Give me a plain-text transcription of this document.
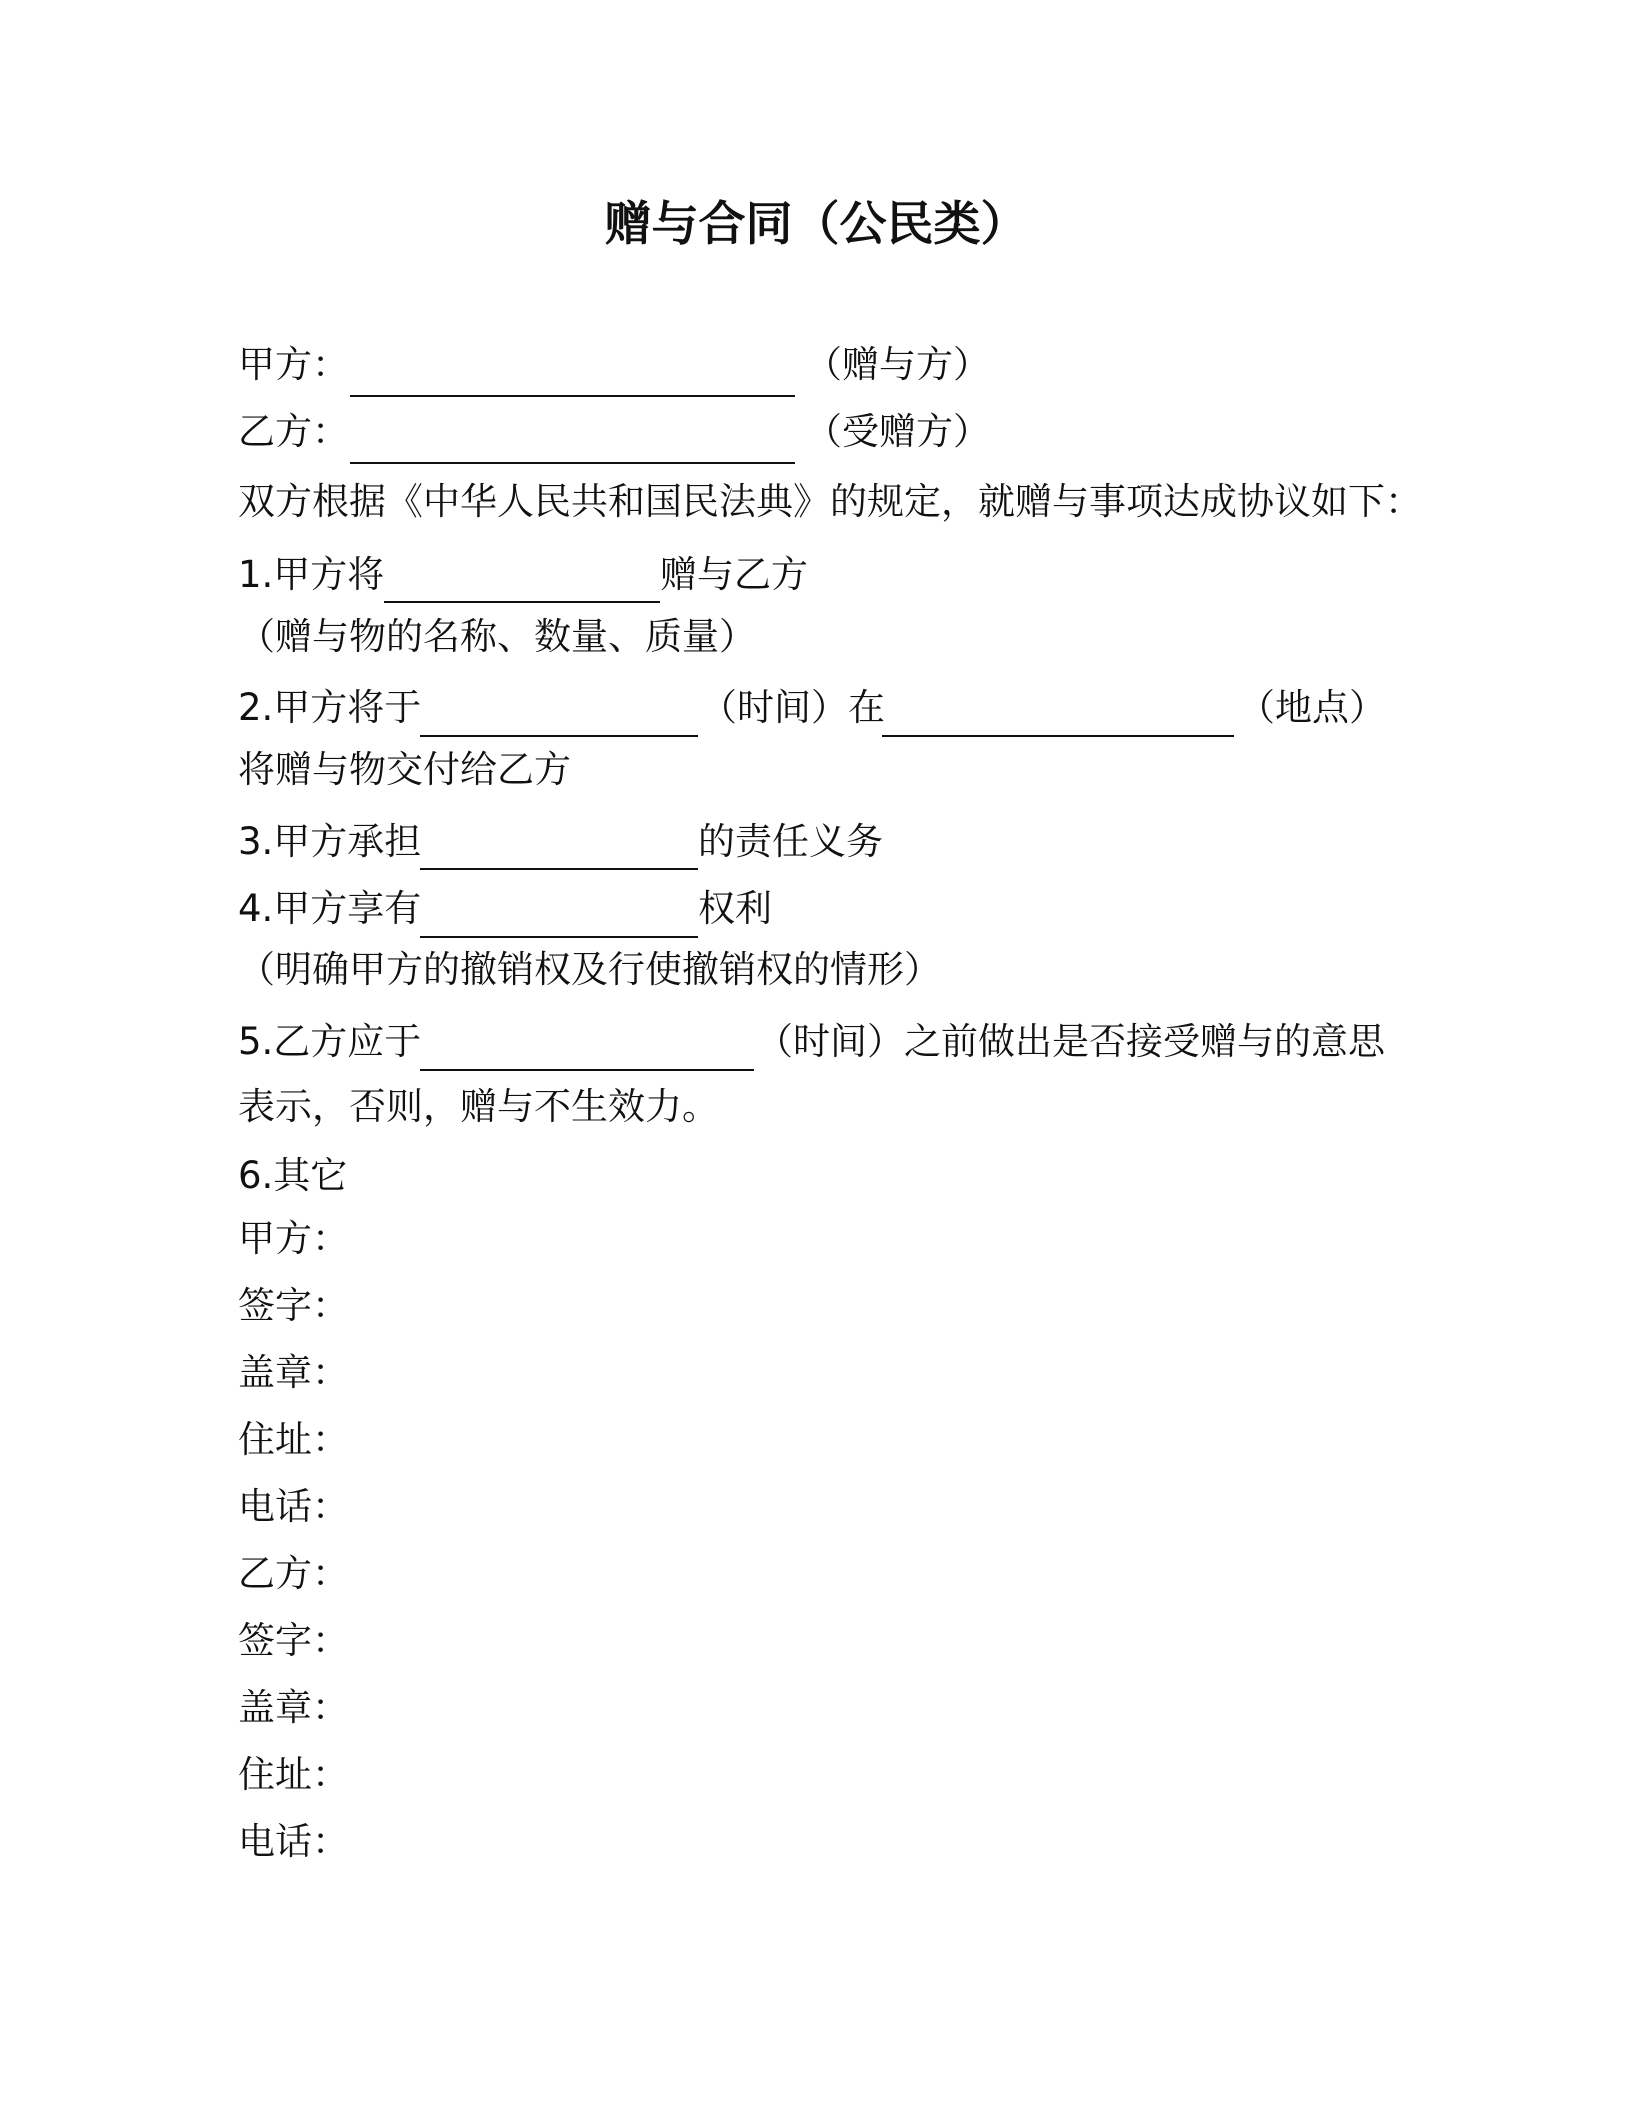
赠与合同（公民类）
甲方：	（赠与方）
乙方：	（受赠方）
双方根据《中华人民共和国民法典》的规定，就赠与事项达成协议如下：
1.甲方将	赠与乙方
（赠与物的名称、数量、质量）
2.甲方将于	（时间）在	（地点）
将赠与物交付给乙方
3.甲方承担	的责任义务
4.甲方享有	权利
（明确甲方的撤销权及行使撤销权的情形）
5.乙方应于	（时间）之前做出是否接受赠与的意思
表示，否则，赠与不生效力。
6.其它
甲方：
签字：
盖章：
住址：
电话：
乙方：
签字：
盖章：
住址：
电话：
